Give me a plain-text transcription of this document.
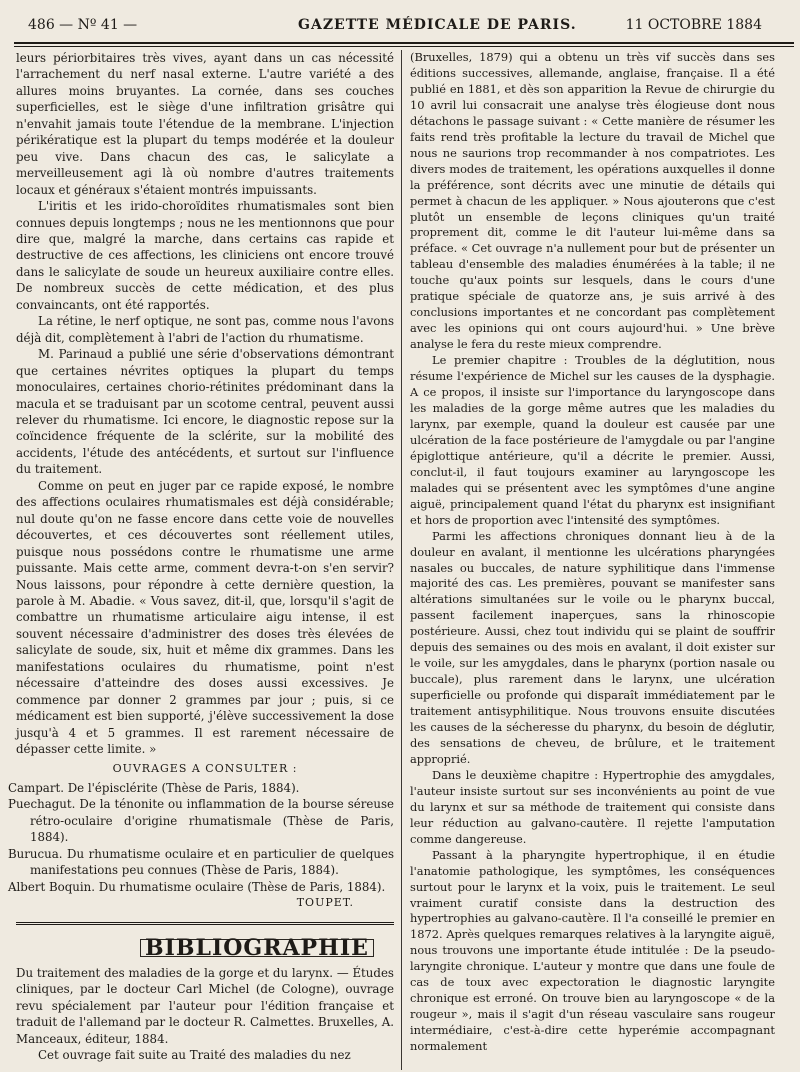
486 — Nº 41 —	GAZETTE MÉDICALE DE PARIS.	11 OCTOBRE 1884

leurs périorbitaires très vives, ayant dans un cas nécessité l'arrachement du nerf nasal externe. L'autre variété a des allures moins bruyantes. La cornée, dans ses couches superficielles, est le siège d'une infiltration grisâtre qui n'envahit jamais toute l'étendue de la membrane. L'injection périkératique est la plupart du temps modérée et la douleur peu vive. Dans chacun des cas, le salicylate a merveilleusement agi là où nombre d'autres traitements locaux et généraux s'étaient montrés impuissants.

L'iritis et les irido-choroïdites rhumatismales sont bien connues depuis longtemps ; nous ne les mentionnons que pour dire que, malgré la marche, dans certains cas rapide et destructive de ces affections, les cliniciens ont encore trouvé dans le salicylate de soude un heureux auxiliaire contre elles. De nombreux succès de cette médication, et des plus convaincants, ont été rapportés.

La rétine, le nerf optique, ne sont pas, comme nous l'avons déjà dit, complètement à l'abri de l'action du rhumatisme.

M. Parinaud a publié une série d'observations démontrant que certaines névrites optiques la plupart du temps monoculaires, certaines chorio-rétinites prédominant dans la macula et se traduisant par un scotome central, peuvent aussi relever du rhumatisme. Ici encore, le diagnostic repose sur la coïncidence fréquente de la sclérite, sur la mobilité des accidents, l'étude des antécédents, et surtout sur l'influence du traitement.

Comme on peut en juger par ce rapide exposé, le nombre des affections oculaires rhumatismales est déjà considérable; nul doute qu'on ne fasse encore dans cette voie de nouvelles découvertes, et ces découvertes sont réellement utiles, puisque nous possédons contre le rhumatisme une arme puissante. Mais cette arme, comment devra-t-on s'en servir? Nous laissons, pour répondre à cette dernière question, la parole à M. Abadie. « Vous savez, dit-il, que, lorsqu'il s'agit de combattre un rhumatisme articulaire aigu intense, il est souvent nécessaire d'administrer des doses très élevées de salicylate de soude, six, huit et même dix grammes. Dans les manifestations oculaires du rhumatisme, point n'est nécessaire d'atteindre des doses aussi excessives. Je commence par donner 2 grammes par jour ; puis, si ce médicament est bien supporté, j'élève successivement la dose jusqu'à 4 et 5 grammes. Il est rarement nécessaire de dépasser cette limite. »

OUVRAGES A CONSULTER :

Campart. De l'épisclérite (Thèse de Paris, 1884).

Puechagut. De la ténonite ou inflammation de la bourse séreuse rétro-oculaire d'origine rhumatismale (Thèse de Paris, 1884).

Burucua. Du rhumatisme oculaire et en particulier de quelques manifestations peu connues (Thèse de Paris, 1884).

Albert Boquin. Du rhumatisme oculaire (Thèse de Paris, 1884).

TOUPET.
BIBLIOGRAPHIE

Du traitement des maladies de la gorge et du larynx. — Études cliniques, par le docteur Carl Michel (de Cologne), ouvrage revu spécialement par l'auteur pour l'édition française et traduit de l'allemand par le docteur R. Calmettes. Bruxelles, A. Manceaux, éditeur, 1884.

Cet ouvrage fait suite au Traité des maladies du nez

(Bruxelles, 1879) qui a obtenu un très vif succès dans ses éditions successives, allemande, anglaise, française. Il a été publié en 1881, et dès son apparition la Revue de chirurgie du 10 avril lui consacrait une analyse très élogieuse dont nous détachons le passage suivant : « Cette manière de résumer les faits rend très profitable la lecture du travail de Michel que nous ne saurions trop recommander à nos compatriotes. Les divers modes de traitement, les opérations auxquelles il donne la préférence, sont décrits avec une minutie de détails qui permet à chacun de les appliquer. » Nous ajouterons que c'est plutôt un ensemble de leçons cliniques qu'un traité proprement dit, comme le dit l'auteur lui-même dans sa préface. « Cet ouvrage n'a nullement pour but de présenter un tableau d'ensemble des maladies énumérées à la table; il ne touche qu'aux points sur lesquels, dans le cours d'une pratique spéciale de quatorze ans, je suis arrivé à des conclusions importantes et ne concordant pas complètement avec les opinions qui ont cours aujourd'hui. » Une brève analyse le fera du reste mieux comprendre.

Le premier chapitre : Troubles de la déglutition, nous résume l'expérience de Michel sur les causes de la dysphagie. A ce propos, il insiste sur l'importance du laryngoscope dans les maladies de la gorge même autres que les maladies du larynx, par exemple, quand la douleur est causée par une ulcération de la face postérieure de l'amygdale ou par l'angine épiglottique antérieure, qu'il a décrite le premier. Aussi, conclut-il, il faut toujours examiner au laryngoscope les malades qui se présentent avec les symptômes d'une angine aiguë, principalement quand l'état du pharynx est insignifiant et hors de proportion avec l'intensité des symptômes.

Parmi les affections chroniques donnant lieu à de la douleur en avalant, il mentionne les ulcérations pharyngées nasales ou buccales, de nature syphilitique dans l'immense majorité des cas. Les premières, pouvant se manifester sans altérations simultanées sur le voile ou le pharynx buccal, passent facilement inaperçues, sans la rhinoscopie postérieure. Aussi, chez tout individu qui se plaint de souffrir depuis des semaines ou des mois en avalant, il doit exister sur le voile, sur les amygdales, dans le pharynx (portion nasale ou buccale), plus rarement dans le larynx, une ulcération superficielle ou profonde qui disparaît immédiatement par le traitement antisyphilitique. Nous trouvons ensuite discutées les causes de la sécheresse du pharynx, du besoin de déglutir, des sensations de cheveu, de brûlure, et le traitement approprié.

Dans le deuxième chapitre : Hypertrophie des amygdales, l'auteur insiste surtout sur ses inconvénients au point de vue du larynx et sur sa méthode de traitement qui consiste dans leur réduction au galvano-cautère. Il rejette l'amputation comme dangereuse.

Passant à la pharyngite hypertrophique, il en étudie l'anatomie pathologique, les symptômes, les conséquences surtout pour le larynx et la voix, puis le traitement. Le seul vraiment curatif consiste dans la destruction des hypertrophies au galvano-cautère. Il l'a conseillé le premier en 1872. Après quelques remarques relatives à la laryngite aiguë, nous trouvons une importante étude intitulée : De la pseudo-laryngite chronique. L'auteur y montre que dans une foule de cas de toux avec expectoration le diagnostic laryngite chronique est erroné. On trouve bien au laryngoscope « de la rougeur », mais il s'agit d'un réseau vasculaire sans rougeur intermédiaire, c'est-à-dire cette hyperémie accompagnant normalement
